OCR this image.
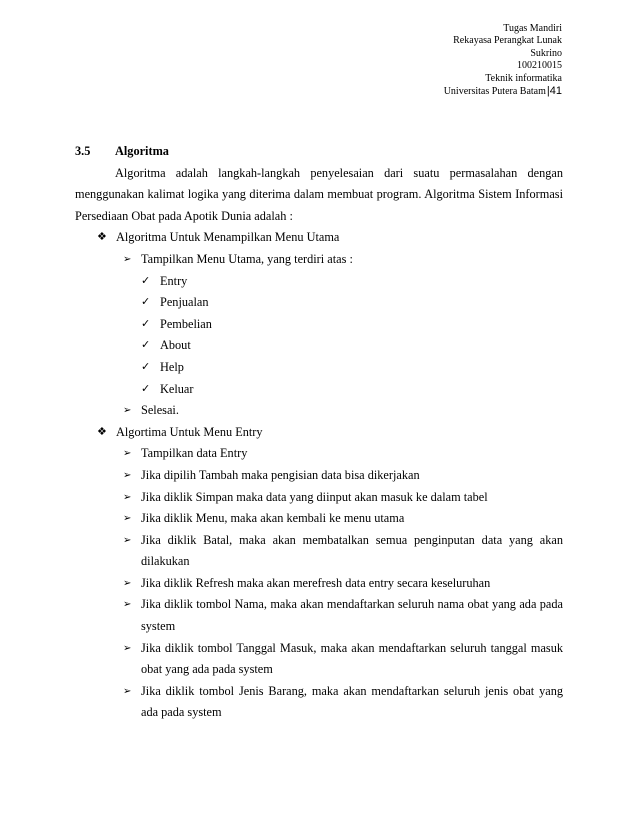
Tugas Mandiri
Rekayasa Perangkat Lunak
Sukrino
100210015
Teknik informatika
Universitas Putera Batam | 41
3.5 Algoritma

Algoritma adalah langkah-langkah penyelesaian dari suatu permasalahan dengan menggunakan kalimat logika yang diterima dalam membuat program. Algoritma Sistem Informasi Persediaan Obat pada Apotik Dunia adalah :

❖ Algoritma Untuk Menampilkan Menu Utama
➢ Tampilkan Menu Utama, yang terdiri atas :
✓ Entry
✓ Penjualan
✓ Pembelian
✓ About
✓ Help
✓ Keluar
➢ Selesai.
❖ Algortima Untuk Menu Entry
➢ Tampilkan data Entry
➢ Jika dipilih Tambah maka pengisian data bisa dikerjakan
➢ Jika diklik Simpan maka data yang diinput akan masuk ke dalam tabel
➢ Jika diklik Menu, maka akan kembali ke menu utama
➢ Jika diklik Batal, maka akan membatalkan semua penginputan data yang akan dilakukan
➢ Jika diklik Refresh maka akan merefresh data entry secara keseluruhan
➢ Jika diklik tombol Nama, maka akan mendaftarkan seluruh nama obat yang ada pada system
➢ Jika diklik tombol Tanggal Masuk, maka akan mendaftarkan seluruh tanggal masuk obat yang ada pada system
➢ Jika diklik tombol Jenis Barang, maka akan mendaftarkan seluruh jenis obat yang ada pada system
